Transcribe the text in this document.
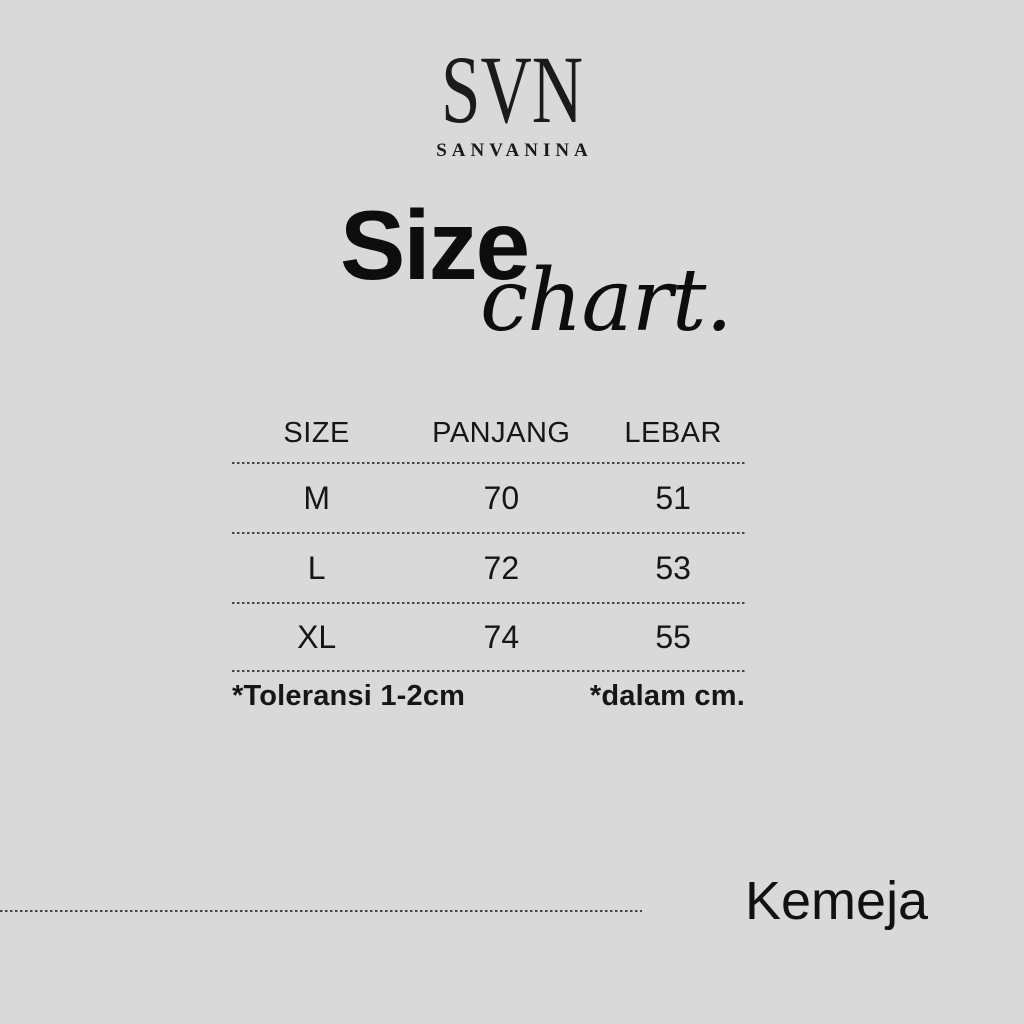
SVN
SANVANINA
Size
chart.
SIZE	PANJANG	LEBAR
M	70	51
L	72	53
XL	74	55
*Toleransi 1-2cm	*dalam cm.
Kemeja
